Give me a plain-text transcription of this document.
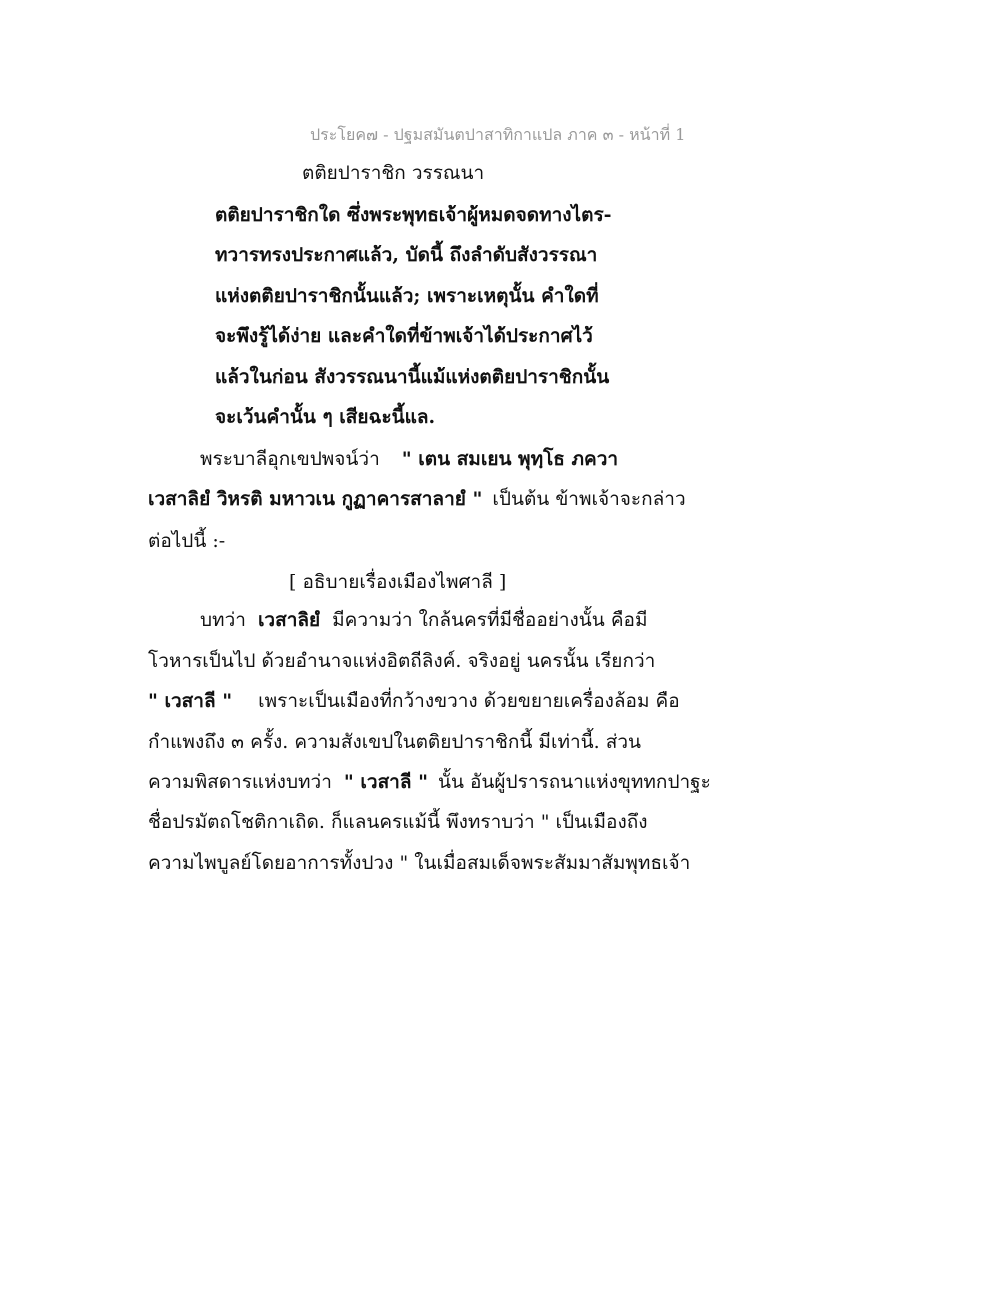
ประโยค๗ - ปฐมสมันตปาสาทิกาแปล ภาค ๓ - หน้าที่ 1
ตติยปาราชิก วรรณนา
ตติยปาราชิกใด ซึ่งพระพุทธเจ้าผู้หมดจดทางไตร-
ทวารทรงประกาศแล้ว, บัดนี้ ถึงลำดับสังวรรณา
แห่งตติยปาราชิกนั้นแล้ว; เพราะเหตุนั้น คำใดที่
จะพึงรู้ได้ง่าย และคำใดที่ข้าพเจ้าได้ประกาศไว้
แล้วในก่อน สังวรรณนานี้แม้แห่งตติยปาราชิกนั้น
จะเว้นคำนั้น ๆ เสียฉะนี้แล.
พระบาลีอุกเขปพจน์ว่า " เตน สมเยน พุทฺโธ ภควา
เวสาลิยํ วิหรติ มหาวเน กูฏาคารสาลายํ " เป็นต้น ข้าพเจ้าจะกล่าว
ต่อไปนี้ :-
[ อธิบายเรื่องเมืองไพศาลี ]
บทว่า เวสาลิยํ มีความว่า ใกล้นครที่มีชื่ออย่างนั้น คือมี
โวหารเป็นไป ด้วยอำนาจแห่งอิตถีลิงค์. จริงอยู่ นครนั้น เรียกว่า
" เวสาลี " เพราะเป็นเมืองที่กว้างขวาง ด้วยขยายเครื่องล้อม คือ
กำแพงถึง ๓ ครั้ง. ความสังเขปในตติยปาราชิกนี้ มีเท่านี้. ส่วน
ความพิสดารแห่งบทว่า " เวสาลี " นั้น อันผู้ปรารถนาแห่งขุททกปาฐะ
ชื่อปรมัตถโชติกาเถิด. ก็แลนครแม้นี้ พึงทราบว่า " เป็นเมืองถึง
ความไพบูลย์โดยอาการทั้งปวง " ในเมื่อสมเด็จพระสัมมาสัมพุทธเจ้า
